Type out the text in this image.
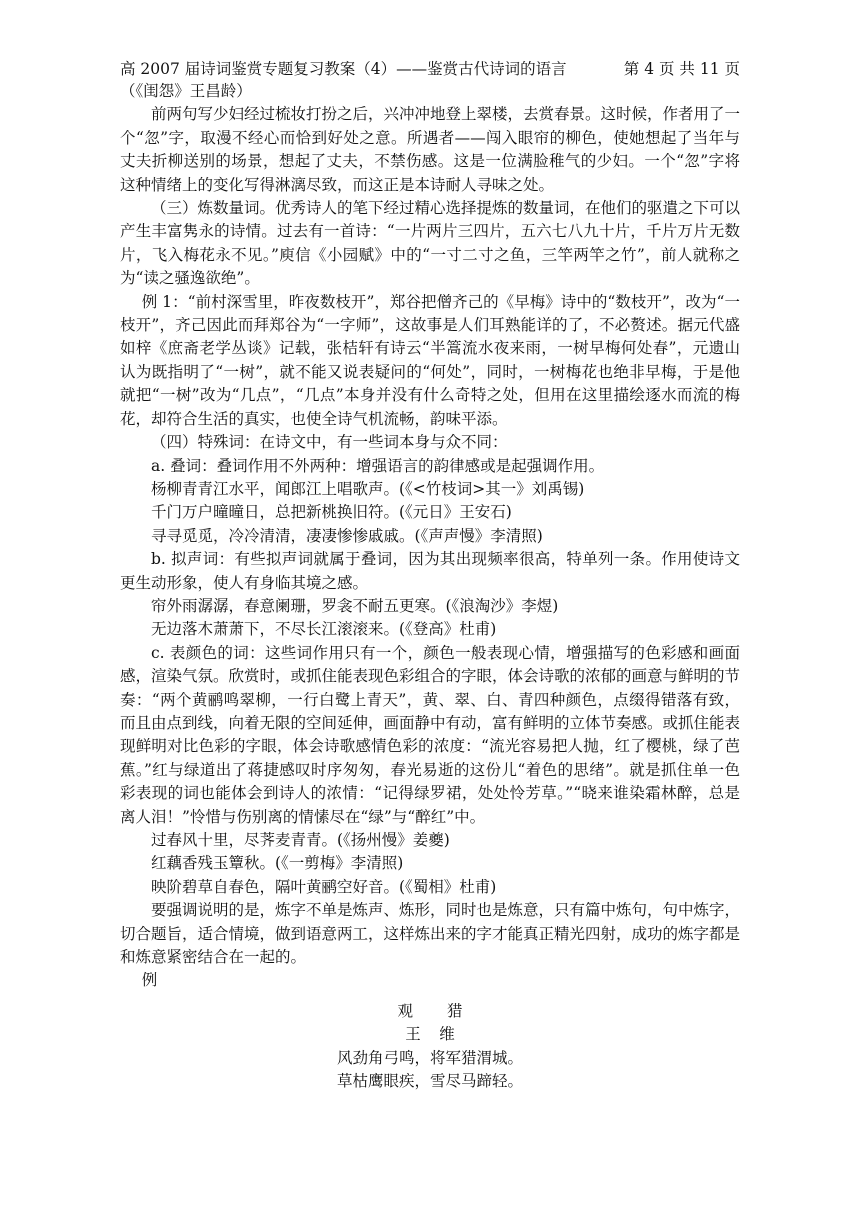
高 2007 届诗词鉴赏专题复习教案（4）——鉴赏古代诗词的语言	第 4 页 共 11 页

（《闺怨》王昌龄）

前两句写少妇经过梳妆打扮之后，兴冲冲地登上翠楼，去赏春景。这时候，作者用了一个“忽”字，取漫不经心而恰到好处之意。所遇者——闯入眼帘的柳色，使她想起了当年与丈夫折柳送别的场景，想起了丈夫，不禁伤感。这是一位满脸稚气的少妇。一个“忽”字将这种情绪上的变化写得淋漓尽致，而这正是本诗耐人寻味之处。

（三）炼数量词。优秀诗人的笔下经过精心选择提炼的数量词，在他们的驱遣之下可以产生丰富隽永的诗情。过去有一首诗：“一片两片三四片，五六七八九十片，千片万片无数片，飞入梅花永不见。”庾信《小园赋》中的“一寸二寸之鱼，三竿两竿之竹”，前人就称之为“读之骚逸欲绝”。

例 1：“前村深雪里，昨夜数枝开”，郑谷把僧齐己的《早梅》诗中的“数枝开”，改为“一枝开”，齐己因此而拜郑谷为“一字师”，这故事是人们耳熟能详的了，不必赘述。据元代盛如梓《庶斋老学丛谈》记载，张桔轩有诗云“半篙流水夜来雨，一树早梅何处春”，元遗山认为既指明了“一树”，就不能又说表疑问的“何处”，同时，一树梅花也绝非早梅，于是他就把“一树”改为“几点”，“几点”本身并没有什么奇特之处，但用在这里描绘逐水而流的梅花，却符合生活的真实，也使全诗气机流畅，韵味平添。

（四）特殊词：在诗文中，有一些词本身与众不同：

a. 叠词：叠词作用不外两种：增强语言的韵律感或是起强调作用。

杨柳青青江水平，闻郎江上唱歌声。(《<竹枝词>其一》刘禹锡)

千门万户曈曈日，总把新桃换旧符。(《元日》王安石)

寻寻觅觅，冷冷清清，凄凄惨惨戚戚。(《声声慢》李清照)

b. 拟声词：有些拟声词就属于叠词，因为其出现频率很高，特单列一条。作用使诗文更生动形象，使人有身临其境之感。

帘外雨潺潺，春意阑珊，罗衾不耐五更寒。(《浪淘沙》李煜)

无边落木萧萧下，不尽长江滚滚来。(《登高》杜甫)

c. 表颜色的词：这些词作用只有一个，颜色一般表现心情，增强描写的色彩感和画面感，渲染气氛。欣赏时，或抓住能表现色彩组合的字眼，体会诗歌的浓郁的画意与鲜明的节奏：“两个黄鹂鸣翠柳，一行白鹭上青天”，黄、翠、白、青四种颜色，点缀得错落有致，而且由点到线，向着无限的空间延伸，画面静中有动，富有鲜明的立体节奏感。或抓住能表现鲜明对比色彩的字眼，体会诗歌感情色彩的浓度：“流光容易把人抛，红了樱桃，绿了芭蕉。”红与绿道出了蒋捷感叹时序匆匆，春光易逝的这份儿“着色的思绪”。就是抓住单一色彩表现的词也能体会到诗人的浓情：“记得绿罗裙，处处怜芳草。”“晓来谁染霜林醉，总是离人泪！”怜惜与伤别离的情愫尽在“绿”与“醉红”中。

过春风十里，尽荠麦青青。(《扬州慢》姜夔)

红藕香残玉簟秋。(《一剪梅》李清照)

映阶碧草自春色，隔叶黄鹂空好音。(《蜀相》杜甫)

要强调说明的是，炼字不单是炼声、炼形，同时也是炼意，只有篇中炼句，句中炼字，切合题旨，适合情境，做到语意两工，这样炼出来的字才能真正精光四射，成功的炼字都是和炼意紧密结合在一起的。

例

观 猎

王 维

风劲角弓鸣，将军猎渭城。

草枯鹰眼疾，雪尽马蹄轻。
